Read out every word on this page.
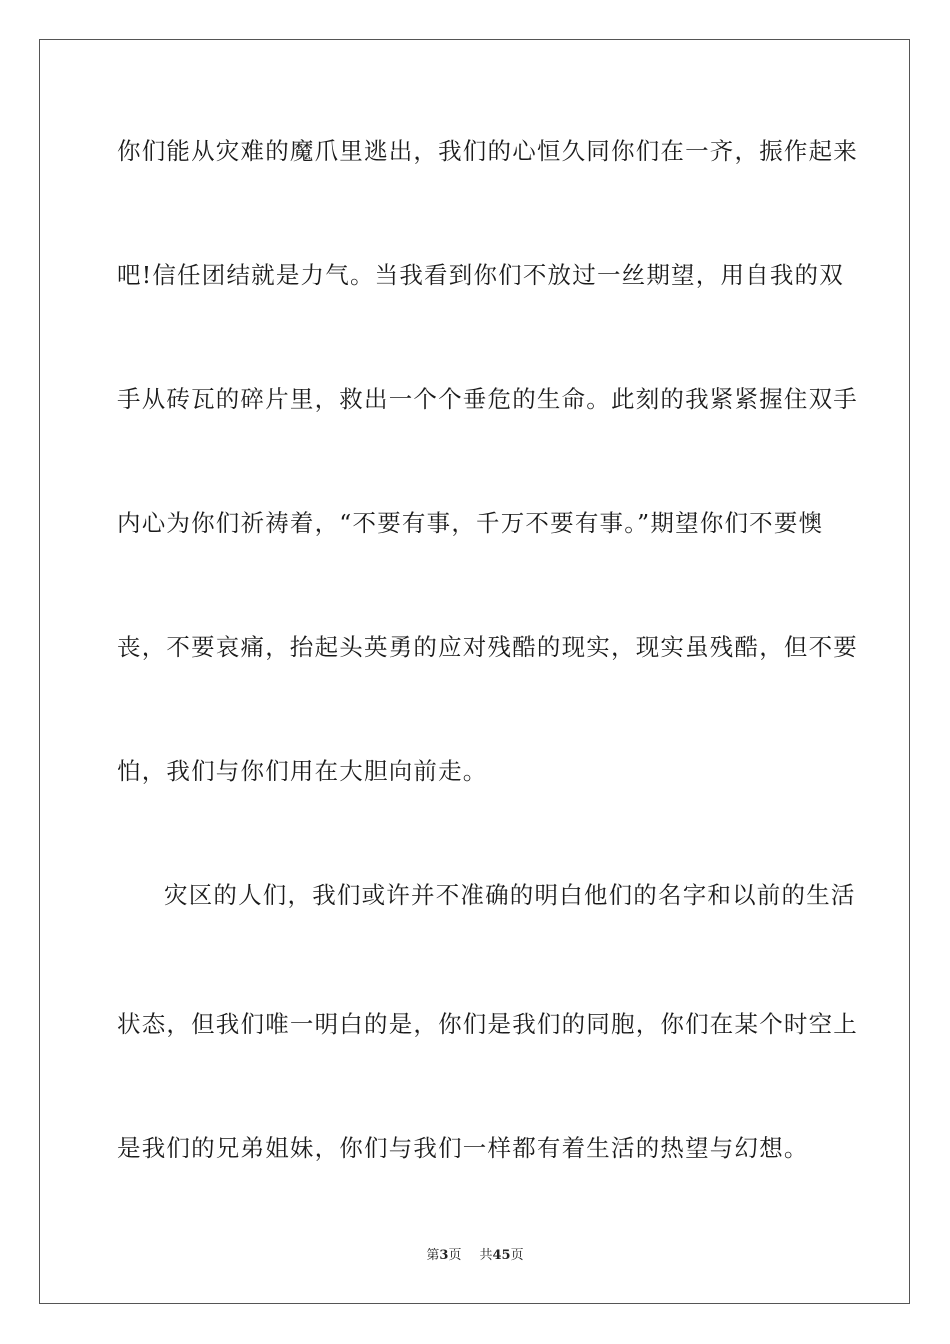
你们能从灾难的魔爪里逃出，我们的心恒久同你们在一齐，振作起来
吧!信任团结就是力气。当我看到你们不放过一丝期望，用自我的双
手从砖瓦的碎片里，救出一个个垂危的生命。此刻的我紧紧握住双手
内心为你们祈祷着，“不要有事，千万不要有事。”期望你们不要懊
丧，不要哀痛，抬起头英勇的应对残酷的现实，现实虽残酷，但不要
怕，我们与你们用在大胆向前走。
灾区的人们，我们或许并不准确的明白他们的名字和以前的生活
状态，但我们唯一明白的是，你们是我们的同胞，你们在某个时空上
是我们的兄弟姐妹，你们与我们一样都有着生活的热望与幻想。
第3页 共45页
